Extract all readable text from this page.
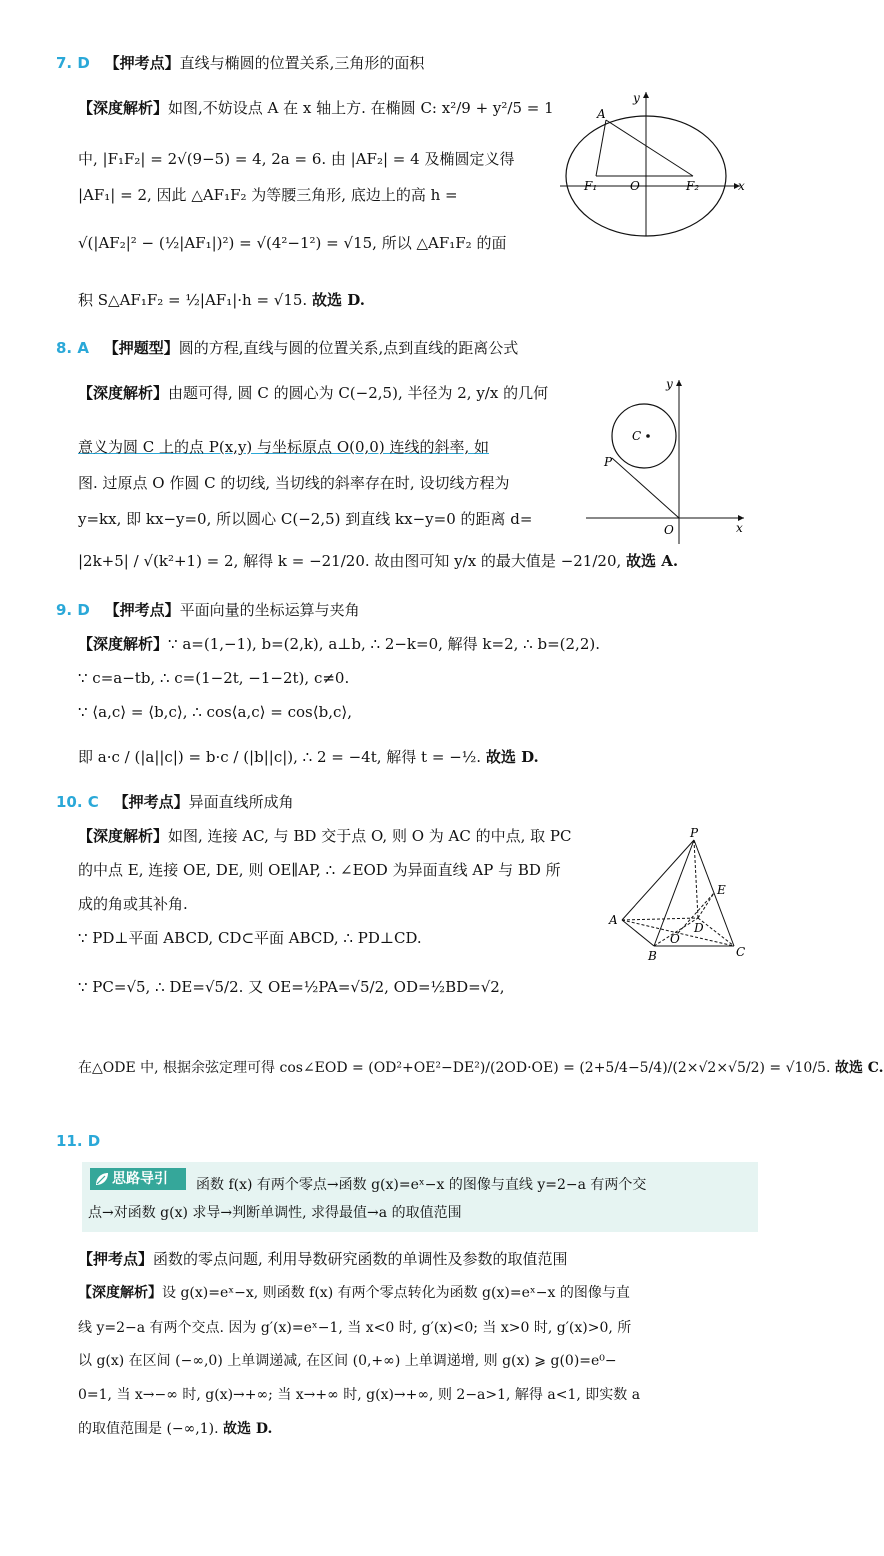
7. D 【押考点】直线与椭圆的位置关系,三角形的面积
【深度解析】如图,不妨设点 A 在 x 轴上方. 在椭圆 C: x²/9 + y²/5 = 1
中, |F₁F₂| = 2√(9−5) = 4, 2a = 6. 由 |AF₂| = 4 及椭圆定义得
|AF₁| = 2, 因此 △AF₁F₂ 为等腰三角形, 底边上的高 h =
√(|AF₂|² − (½|AF₁|)²) = √(4²−1²) = √15, 所以 △AF₁F₂ 的面
积 S△AF₁F₂ = ½|AF₁|·h = √15. 故选 D.
A
F₁	O	F₂	x
y
8. A 【押题型】圆的方程,直线与圆的位置关系,点到直线的距离公式
【深度解析】由题可得, 圆 C 的圆心为 C(−2,5), 半径为 2, y/x 的几何
意义为圆 C 上的点 P(x,y) 与坐标原点 O(0,0) 连线的斜率, 如
图. 过原点 O 作圆 C 的切线, 当切线的斜率存在时, 设切线方程为
y=kx, 即 kx−y=0, 所以圆心 C(−2,5) 到直线 kx−y=0 的距离 d=
|2k+5| / √(k²+1) = 2, 解得 k = −21/20. 故由图可知 y/x 的最大值是 −21/20, 故选 A.
C
P
O	x
y
9. D 【押考点】平面向量的坐标运算与夹角
【深度解析】∵ a=(1,−1), b=(2,k), a⊥b, ∴ 2−k=0, 解得 k=2, ∴ b=(2,2).
∵ c=a−tb, ∴ c=(1−2t, −1−2t), c≠0.
∵ ⟨a,c⟩ = ⟨b,c⟩, ∴ cos⟨a,c⟩ = cos⟨b,c⟩,
即 a·c / (|a||c|) = b·c / (|b||c|), ∴ 2 = −4t, 解得 t = −½. 故选 D.
10. C 【押考点】异面直线所成角
【深度解析】如图, 连接 AC, 与 BD 交于点 O, 则 O 为 AC 的中点, 取 PC
的中点 E, 连接 OE, DE, 则 OE∥AP, ∴ ∠EOD 为异面直线 AP 与 BD 所
成的角或其补角.
∵ PD⊥平面 ABCD, CD⊂平面 ABCD, ∴ PD⊥CD.
∵ PC=√5, ∴ DE=√5/2. 又 OE=½PA=√5/2, OD=½BD=√2,
在△ODE 中, 根据余弦定理可得 cos∠EOD = (OD²+OE²−DE²)/(2OD·OE) = (2+5/4−5/4)/(2×√2×√5/2) = √10/5. 故选 C.
P
A
B	C
D
E
O
11. D
思路导引	函数 f(x) 有两个零点→函数 g(x)=eˣ−x 的图像与直线 y=2−a 有两个交
点→对函数 g(x) 求导→判断单调性, 求得最值→a 的取值范围
【押考点】函数的零点问题, 利用导数研究函数的单调性及参数的取值范围
【深度解析】设 g(x)=eˣ−x, 则函数 f(x) 有两个零点转化为函数 g(x)=eˣ−x 的图像与直
线 y=2−a 有两个交点. 因为 g′(x)=eˣ−1, 当 x<0 时, g′(x)<0; 当 x>0 时, g′(x)>0, 所
以 g(x) 在区间 (−∞,0) 上单调递减, 在区间 (0,+∞) 上单调递增, 则 g(x) ⩾ g(0)=e⁰−
0=1, 当 x→−∞ 时, g(x)→+∞; 当 x→+∞ 时, g(x)→+∞, 则 2−a>1, 解得 a<1, 即实数 a
的取值范围是 (−∞,1). 故选 D.
